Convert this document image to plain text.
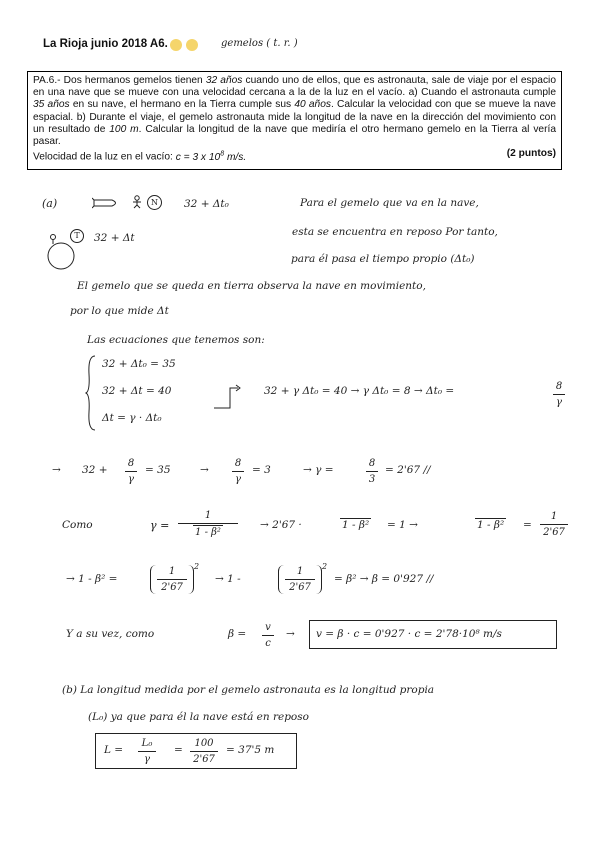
La Rioja junio 2018 A6.	gemelos ( t. r. )

PA.6.- Dos hermanos gemelos tienen 32 años cuando uno de ellos, que es astronauta, sale de viaje por el espacio en una nave que se mueve con una velocidad cercana a la de la luz en el vacío. a) Cuando el astronauta cumple 35 años en su nave, el hermano en la Tierra cumple sus 40 años. Calcular la velocidad con que se mueve la nave espacial. b) Durante el viaje, el gemelo astronauta mide la longitud de la nave en la dirección del movimiento con un resultado de 100 m. Calcular la longitud de la nave que mediría el otro hermano gemelo en la Tierra al vería pasar.

Velocidad de la luz en el vacío: c = 3 x $10^8$ m/s.	(2 puntos)

(a)	N	32 + Δt₀
T	32 + Δt
Para el gemelo que va en la nave,
esta se encuentra en reposo Por tanto,
para él pasa el tiempo propio (Δt₀)
El gemelo que se queda en tierra observa la nave en movimiento,
por lo que mide Δt
Las ecuaciones que tenemos son:
32 + Δt₀ = 35
32 + Δt = 40
Δt = γ · Δt₀
32 + γ Δt₀ = 40 → γ Δt₀ = 8 → Δt₀ =	8
γ
→ 32 +
8
γ
= 35	→
8
γ
= 3	→ γ =
8
3
= 2'67 //
Como	$\gamma = \frac{1}{\text{1 - β²}} \to 2'67$ ·	1 - β² = 1 →	1 - β² =
1
2'67
→ 1 - β² =
1
2'67
2
→ 1 -
1
2'67
2
= β² → β = 0'927 //
Y a su vez, como	β =
v
c
→ v = β · c = 0'927 · c = 2'78·10⁸ m/s
(b) La longitud medida por el gemelo astronauta es la longitud propia
(L₀) ya que para él la nave está en reposo
L =
L₀
γ
=
100
2'67
= 37'5 m
